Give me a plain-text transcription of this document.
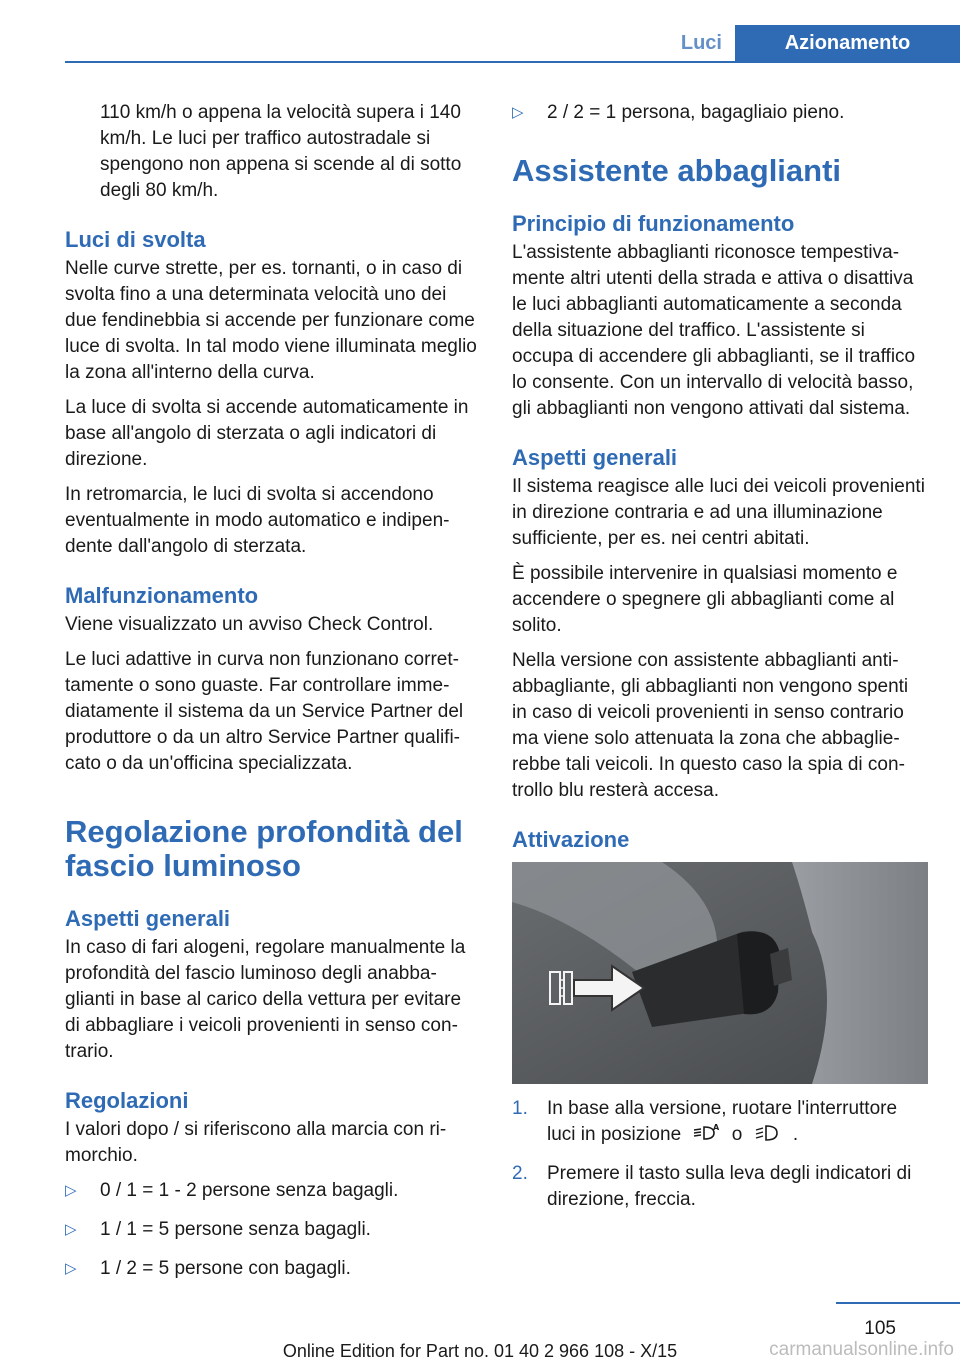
Luci	Azionamento

110 km/h o appena la velocità supera i 140 km/h. Le luci per traffico autostradale si spengono non appena si scende al di sotto degli 80 km/h.

Luci di svolta

Nelle curve strette, per es. tornanti, o in caso di svolta fino a una determinata velocità uno dei due fendinebbia si accende per funzionare come luce di svolta. In tal modo viene illuminata meglio la zona all'interno della curva.

La luce di svolta si accende automaticamente in base all'angolo di sterzata o agli indicatori di direzione.

In retromarcia, le luci di svolta si accendono eventualmente in modo automatico e indipendente dall'angolo di sterzata.

Malfunzionamento

Viene visualizzato un avviso Check Control.

Le luci adattive in curva non funzionano correttamente o sono guaste. Far controllare immediatamente il sistema da un Service Partner del produttore o da un altro Service Partner qualificato o da un'officina specializzata.

Regolazione profondità del fascio luminoso
Aspetti generali

In caso di fari alogeni, regolare manualmente la profondità del fascio luminoso degli anabbaglianti in base al carico della vettura per evitare di abbagliare i veicoli provenienti in senso contrario.

Regolazioni

I valori dopo / si riferiscono alla marcia con rimorchio.

▷ 0 / 1 = 1 - 2 persone senza bagagli.
▷ 1 / 1 = 5 persone senza bagagli.
▷ 1 / 2 = 5 persone con bagagli.
▷ 2 / 2 = 1 persona, bagagliaio pieno.
Assistente abbaglianti
Principio di funzionamento

L'assistente abbaglianti riconosce tempestivamente altri utenti della strada e attiva o disattiva le luci abbaglianti automaticamente a seconda della situazione del traffico. L'assistente si occupa di accendere gli abbaglianti, se il traffico lo consente. Con un intervallo di velocità basso, gli abbaglianti non vengono attivati dal sistema.

Aspetti generali

Il sistema reagisce alle luci dei veicoli provenienti in direzione contraria e ad una illuminazione sufficiente, per es. nei centri abitati.

È possibile intervenire in qualsiasi momento e accendere o spegnere gli abbaglianti come al solito.

Nella versione con assistente abbaglianti antiabbagliante, gli abbaglianti non vengono spenti in caso di veicoli provenienti in senso contrario ma viene solo attenuata la zona che abbaglierebbe tali veicoli. In questo caso la spia di controllo blu resterà accesa.

Attivazione
1. In base alla versione, ruotare l'interruttore luci in posizione	A o	.
2. Premere il tasto sulla leva degli indicatori di direzione, freccia.
105
Online Edition for Part no. 01 40 2 966 108 - X/15	carmanualsonline.info
